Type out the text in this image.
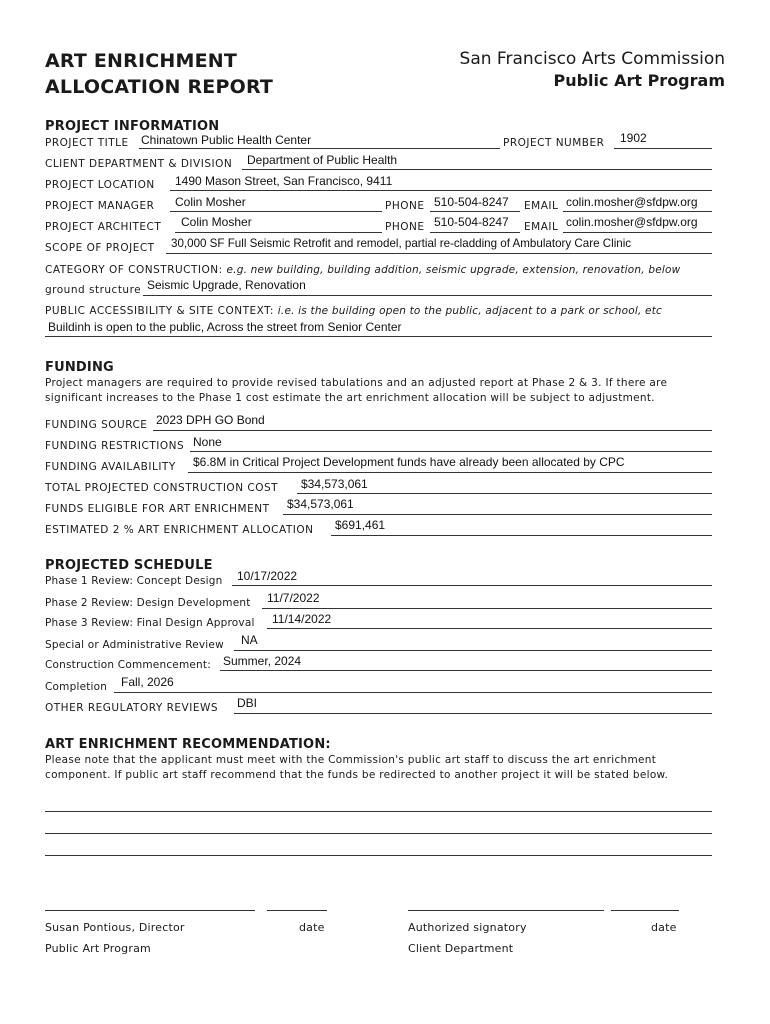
ART ENRICHMENT
ALLOCATION REPORT
San Francisco Arts Commission
Public Art Program
PROJECT INFORMATION
PROJECT TITLE Chinatown Public Health Center	PROJECT NUMBER 1902
CLIENT DEPARTMENT & DIVISION Department of Public Health
PROJECT LOCATION 1490 Mason Street, San Francisco, 9411
PROJECT MANAGER Colin Mosher	PHONE 510-504-8247 EMAIL colin.mosher@sfdpw.org
PROJECT ARCHITECT Colin Mosher	PHONE 510-504-8247 EMAIL colin.mosher@sfdpw.org
SCOPE OF PROJECT 30,000 SF Full Seismic Retrofit and remodel, partial re-cladding of Ambulatory Care Clinic
CATEGORY OF CONSTRUCTION: e.g. new building, building addition, seismic upgrade, extension, renovation, below
ground structure Seismic Upgrade, Renovation
PUBLIC ACCESSIBILITY & SITE CONTEXT: i.e. is the building open to the public, adjacent to a park or school, etc
Buildinh is open to the public, Across the street from Senior Center
FUNDING
Project managers are required to provide revised tabulations and an adjusted report at Phase 2 & 3. If there are
significant increases to the Phase 1 cost estimate the art enrichment allocation will be subject to adjustment.
FUNDING SOURCE 2023 DPH GO Bond
FUNDING RESTRICTIONS None
FUNDING AVAILABILITY $6.8M in Critical Project Development funds have already been allocated by CPC
TOTAL PROJECTED CONSTRUCTION COST $34,573,061
FUNDS ELIGIBLE FOR ART ENRICHMENT $34,573,061
ESTIMATED 2 % ART ENRICHMENT ALLOCATION $691,461
PROJECTED SCHEDULE
Phase 1 Review: Concept Design 10/17/2022
Phase 2 Review: Design Development 11/7/2022
Phase 3 Review: Final Design Approval 11/14/2022
Special or Administrative Review NA
Construction Commencement: Summer, 2024
Completion Fall, 2026
OTHER REGULATORY REVIEWS DBI
ART ENRICHMENT RECOMMENDATION:
Please note that the applicant must meet with the Commission's public art staff to discuss the art enrichment
component. If public art staff recommend that the funds be redirected to another project it will be stated below.
Susan Pontious, Director	date
Public Art Program
Authorized signatory	date
Client Department
